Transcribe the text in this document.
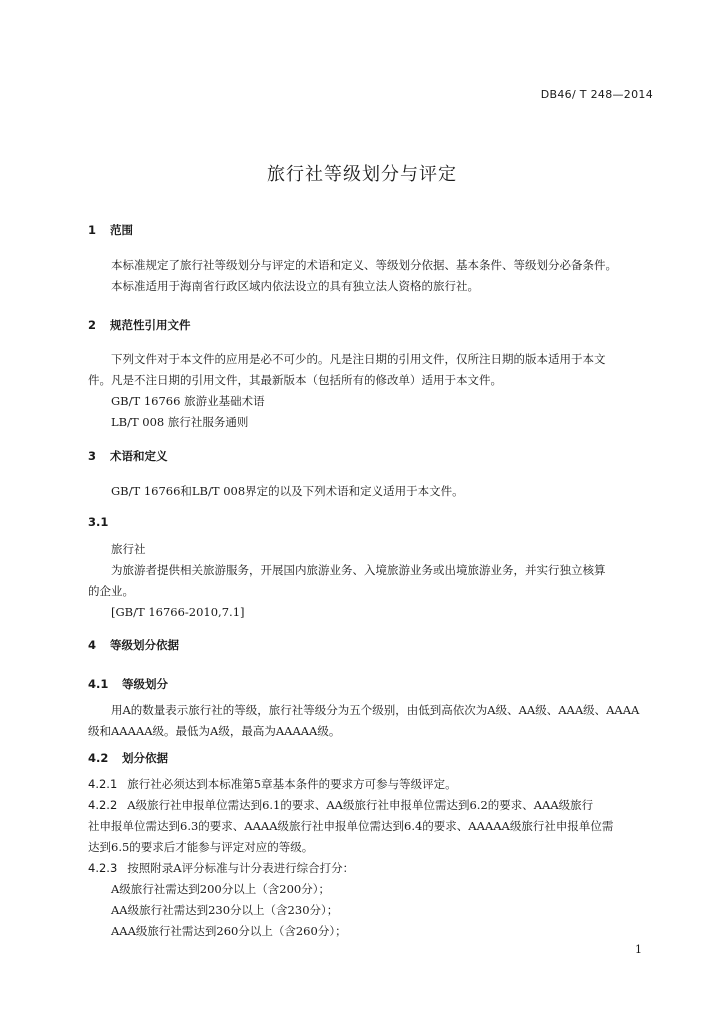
DB46/ T 248—2014
旅行社等级划分与评定
1 范围
本标准规定了旅行社等级划分与评定的术语和定义、等级划分依据、基本条件、等级划分必备条件。
本标准适用于海南省行政区域内依法设立的具有独立法人资格的旅行社。
2 规范性引用文件
下列文件对于本文件的应用是必不可少的。凡是注日期的引用文件，仅所注日期的版本适用于本文
件。凡是不注日期的引用文件，其最新版本（包括所有的修改单）适用于本文件。
GB/T 16766 旅游业基础术语
LB/T 008 旅行社服务通则
3 术语和定义
GB/T 16766和LB/T 008界定的以及下列术语和定义适用于本文件。
3.1
旅行社
为旅游者提供相关旅游服务，开展国内旅游业务、入境旅游业务或出境旅游业务，并实行独立核算
的企业。
[GB/T 16766-2010,7.1]
4 等级划分依据
4.1 等级划分
用A的数量表示旅行社的等级，旅行社等级分为五个级别，由低到高依次为A级、AA级、AAA级、AAAA
级和AAAAA级。最低为A级，最高为AAAAA级。
4.2 划分依据
4.2.1 旅行社必须达到本标准第5章基本条件的要求方可参与等级评定。
4.2.2 A级旅行社申报单位需达到6.1的要求、AA级旅行社申报单位需达到6.2的要求、AAA级旅行
社申报单位需达到6.3的要求、AAAA级旅行社申报单位需达到6.4的要求、AAAAA级旅行社申报单位需
达到6.5的要求后才能参与评定对应的等级。
4.2.3 按照附录A评分标准与计分表进行综合打分：
A级旅行社需达到200分以上（含200分）；
AA级旅行社需达到230分以上（含230分）；
AAA级旅行社需达到260分以上（含260分）；
1
